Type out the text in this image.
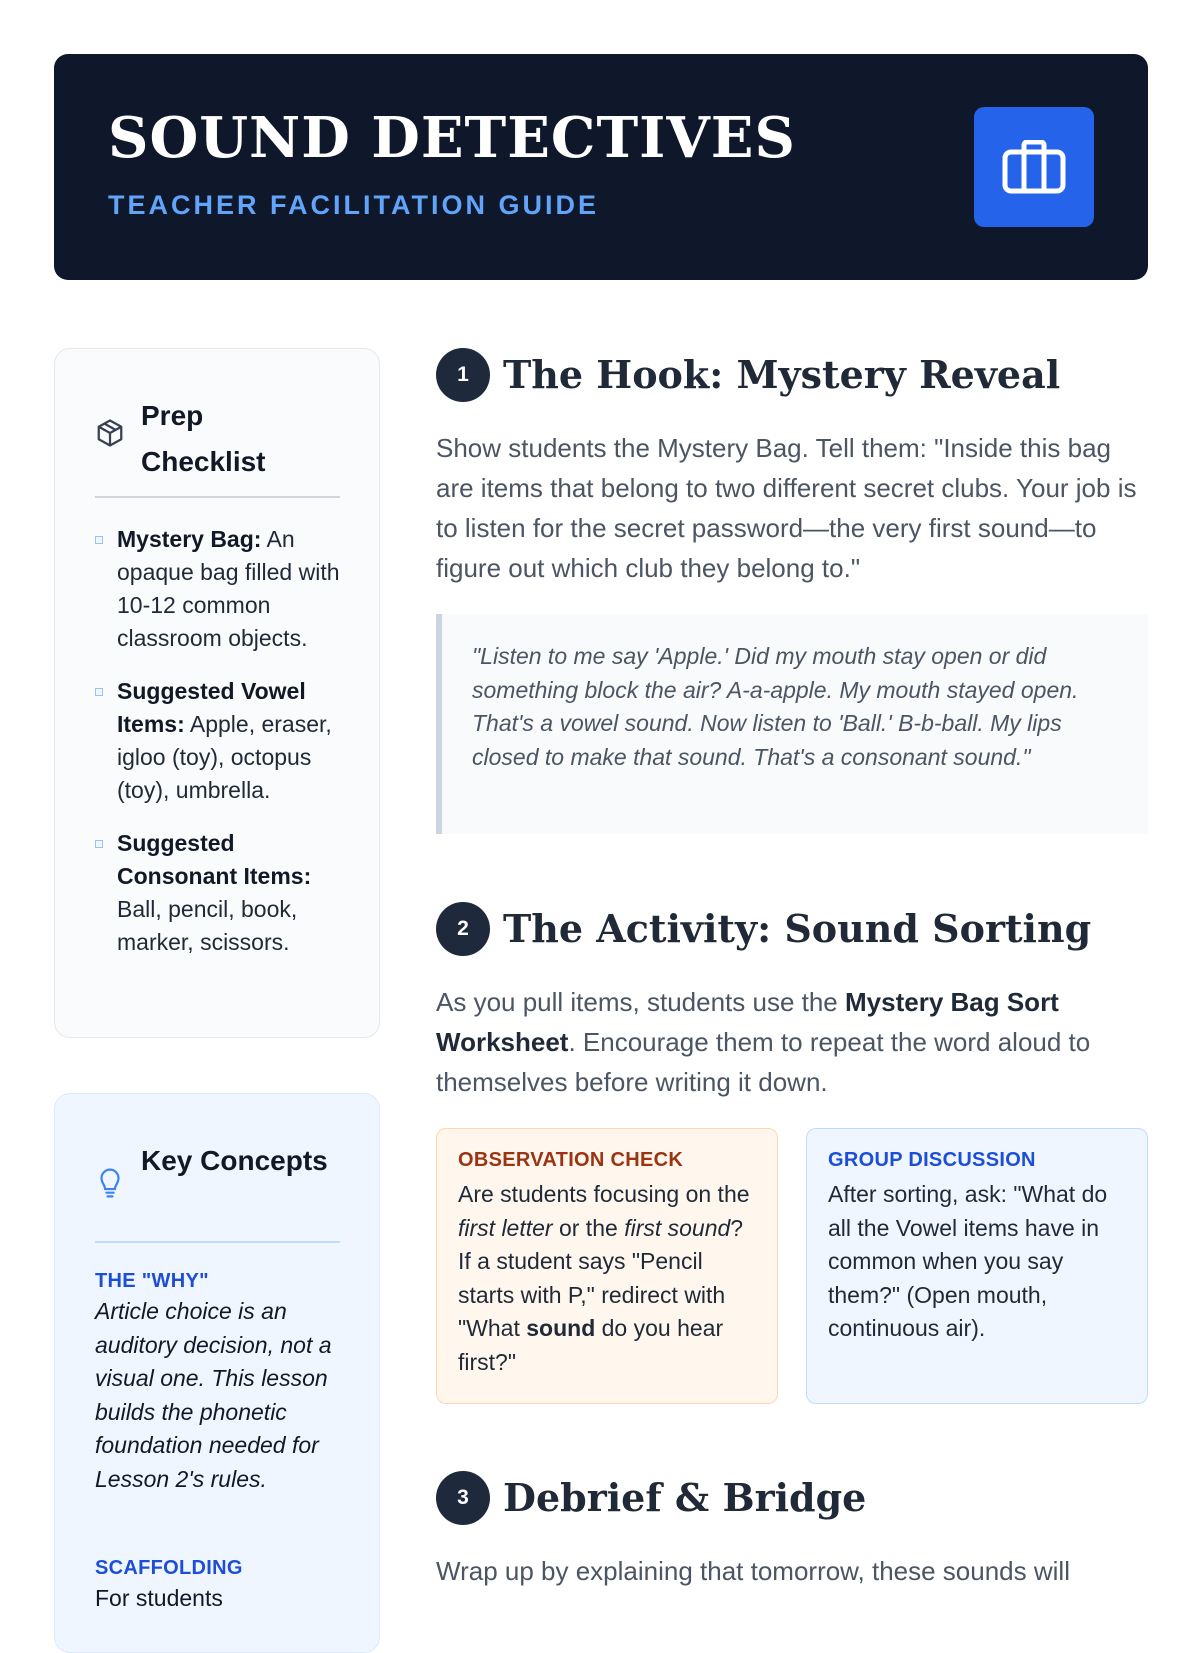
SOUND DETECTIVES
TEACHER FACILITATION GUIDE
Prep Checklist
Mystery Bag: An opaque bag filled with 10-12 common classroom objects.
Suggested Vowel Items: Apple, eraser, igloo (toy), octopus (toy), umbrella.
Suggested Consonant Items: Ball, pencil, book, marker, scissors.
Key Concepts
THE "WHY"
Article choice is an auditory decision, not a visual one. This lesson builds the phonetic foundation needed for Lesson 2's rules.
SCAFFOLDING
For students
1 The Hook: Mystery Reveal

Show students the Mystery Bag. Tell them: "Inside this bag are items that belong to two different secret clubs. Your job is to listen for the secret password—the very first sound—to figure out which club they belong to."

"Listen to me say 'Apple.' Did my mouth stay open or did something block the air? A-a-apple. My mouth stayed open. That's a vowel sound. Now listen to 'Ball.' B-b-ball. My lips closed to make that sound. That's a consonant sound."
2 The Activity: Sound Sorting

As you pull items, students use the Mystery Bag Sort Worksheet. Encourage them to repeat the word aloud to themselves before writing it down.

OBSERVATION CHECK
Are students focusing on the first letter or the first sound? If a student says "Pencil starts with P," redirect with "What sound do you hear first?"
GROUP DISCUSSION
After sorting, ask: "What do all the Vowel items have in common when you say them?" (Open mouth, continuous air).
3 Debrief & Bridge

Wrap up by explaining that tomorrow, these sounds will
